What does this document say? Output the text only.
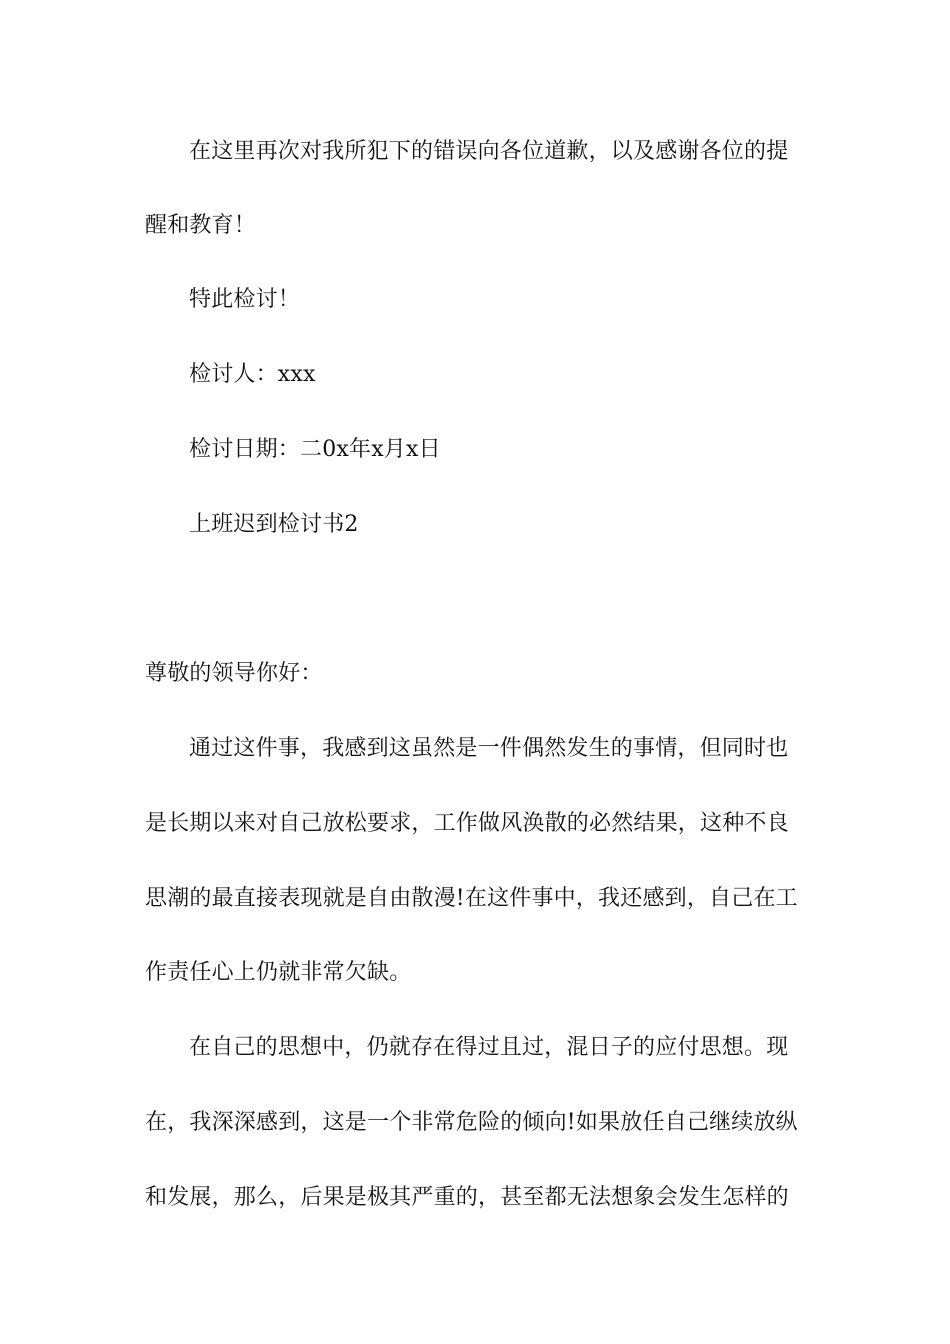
在这里再次对我所犯下的错误向各位道歉，以及感谢各位的提
醒和教育！
特此检讨！
检讨人：xxx
检讨日期：二0x年x月x日
上班迟到检讨书2
尊敬的领导你好：
通过这件事，我感到这虽然是一件偶然发生的事情，但同时也
是长期以来对自己放松要求，工作做风涣散的必然结果，这种不良
思潮的最直接表现就是自由散漫!在这件事中，我还感到，自己在工
作责任心上仍就非常欠缺。
在自己的思想中，仍就存在得过且过，混日子的应付思想。现
在，我深深感到，这是一个非常危险的倾向!如果放任自己继续放纵
和发展，那么，后果是极其严重的，甚至都无法想象会发生怎样的
